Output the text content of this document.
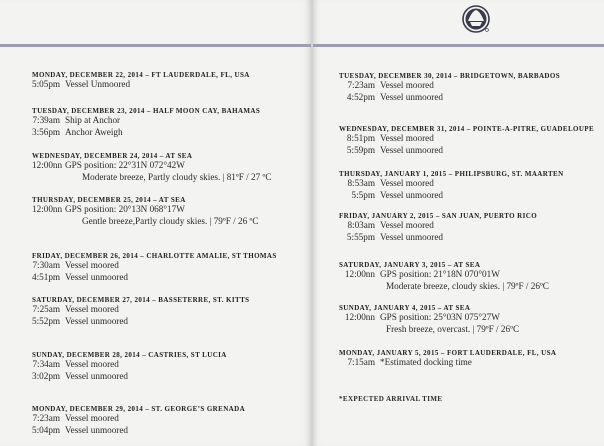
MONDAY, DECEMBER 22, 2014 – FT LAUDERDALE, FL, USA
5:05pm Vessel Unmoored
TUESDAY, DECEMBER 23, 2014 – HALF MOON CAY, BAHAMAS
7:39am Ship at Anchor
3:56pm Anchor Aweigh
WEDNESDAY, DECEMBER 24, 2014 – AT SEA
12:00nn GPS position: 22°31N 072°42W
Moderate breeze, Partly cloudy skies. | 81ºF / 27 ºC
THURSDAY, DECEMBER 25, 2014 – AT SEA
12:00nn GPS position: 20°13N 068°17W
Gentle breeze,Partly cloudy skies. | 79ºF / 26 ºC
FRIDAY, DECEMBER 26, 2014 – CHARLOTTE AMALIE, ST THOMAS
7:30am Vessel moored
4:51pm Vessel unmoored
SATURDAY, DECEMBER 27, 2014 – BASSETERRE, ST. KITTS
7:25am Vessel moored
5:52pm Vessel unmoored
SUNDAY, DECEMBER 28, 2014 – CASTRIES, ST LUCIA
7:34am Vessel moored
3:02pm Vessel unmoored
MONDAY, DECEMBER 29, 2014 – ST. GEORGE’S GRENADA
7:23am Vessel moored
5:04pm Vessel unmoored
*EXPECTED ARRIVAL TIME
TUESDAY, DECEMBER 30, 2014 – BRIDGETOWN, BARBADOS
7:23am Vessel moored
4:52pm Vessel unmoored
WEDNESDAY, DECEMBER 31, 2014 – POINTE-A-PITRE, GUADELOUPE
8:51pm Vessel moored
5:59pm Vessel unmoored
THURSDAY, JANUARY 1, 2015 – PHILIPSBURG, ST. MAARTEN
8:53am Vessel moored
5:5pm Vessel unmoored
FRIDAY, JANUARY 2, 2015 – SAN JUAN, PUERTO RICO
8:03am Vessel moored
5:55pm Vessel unmoored
SATURDAY, JANUARY 3, 2015 – AT SEA
12:00nn GPS position: 21°18N 070°01W
Moderate breeze, cloudy skies. | 79ºF / 26ºC
SUNDAY, JANUARY 4, 2015 – AT SEA
12:00nn GPS position: 25°03N 075°27W
Fresh breeze, overcast. | 79ºF / 26ºC
MONDAY, JANUARY 5, 2015 – FORT LAUDERDALE, FL, USA
7:15am *Estimated docking time
